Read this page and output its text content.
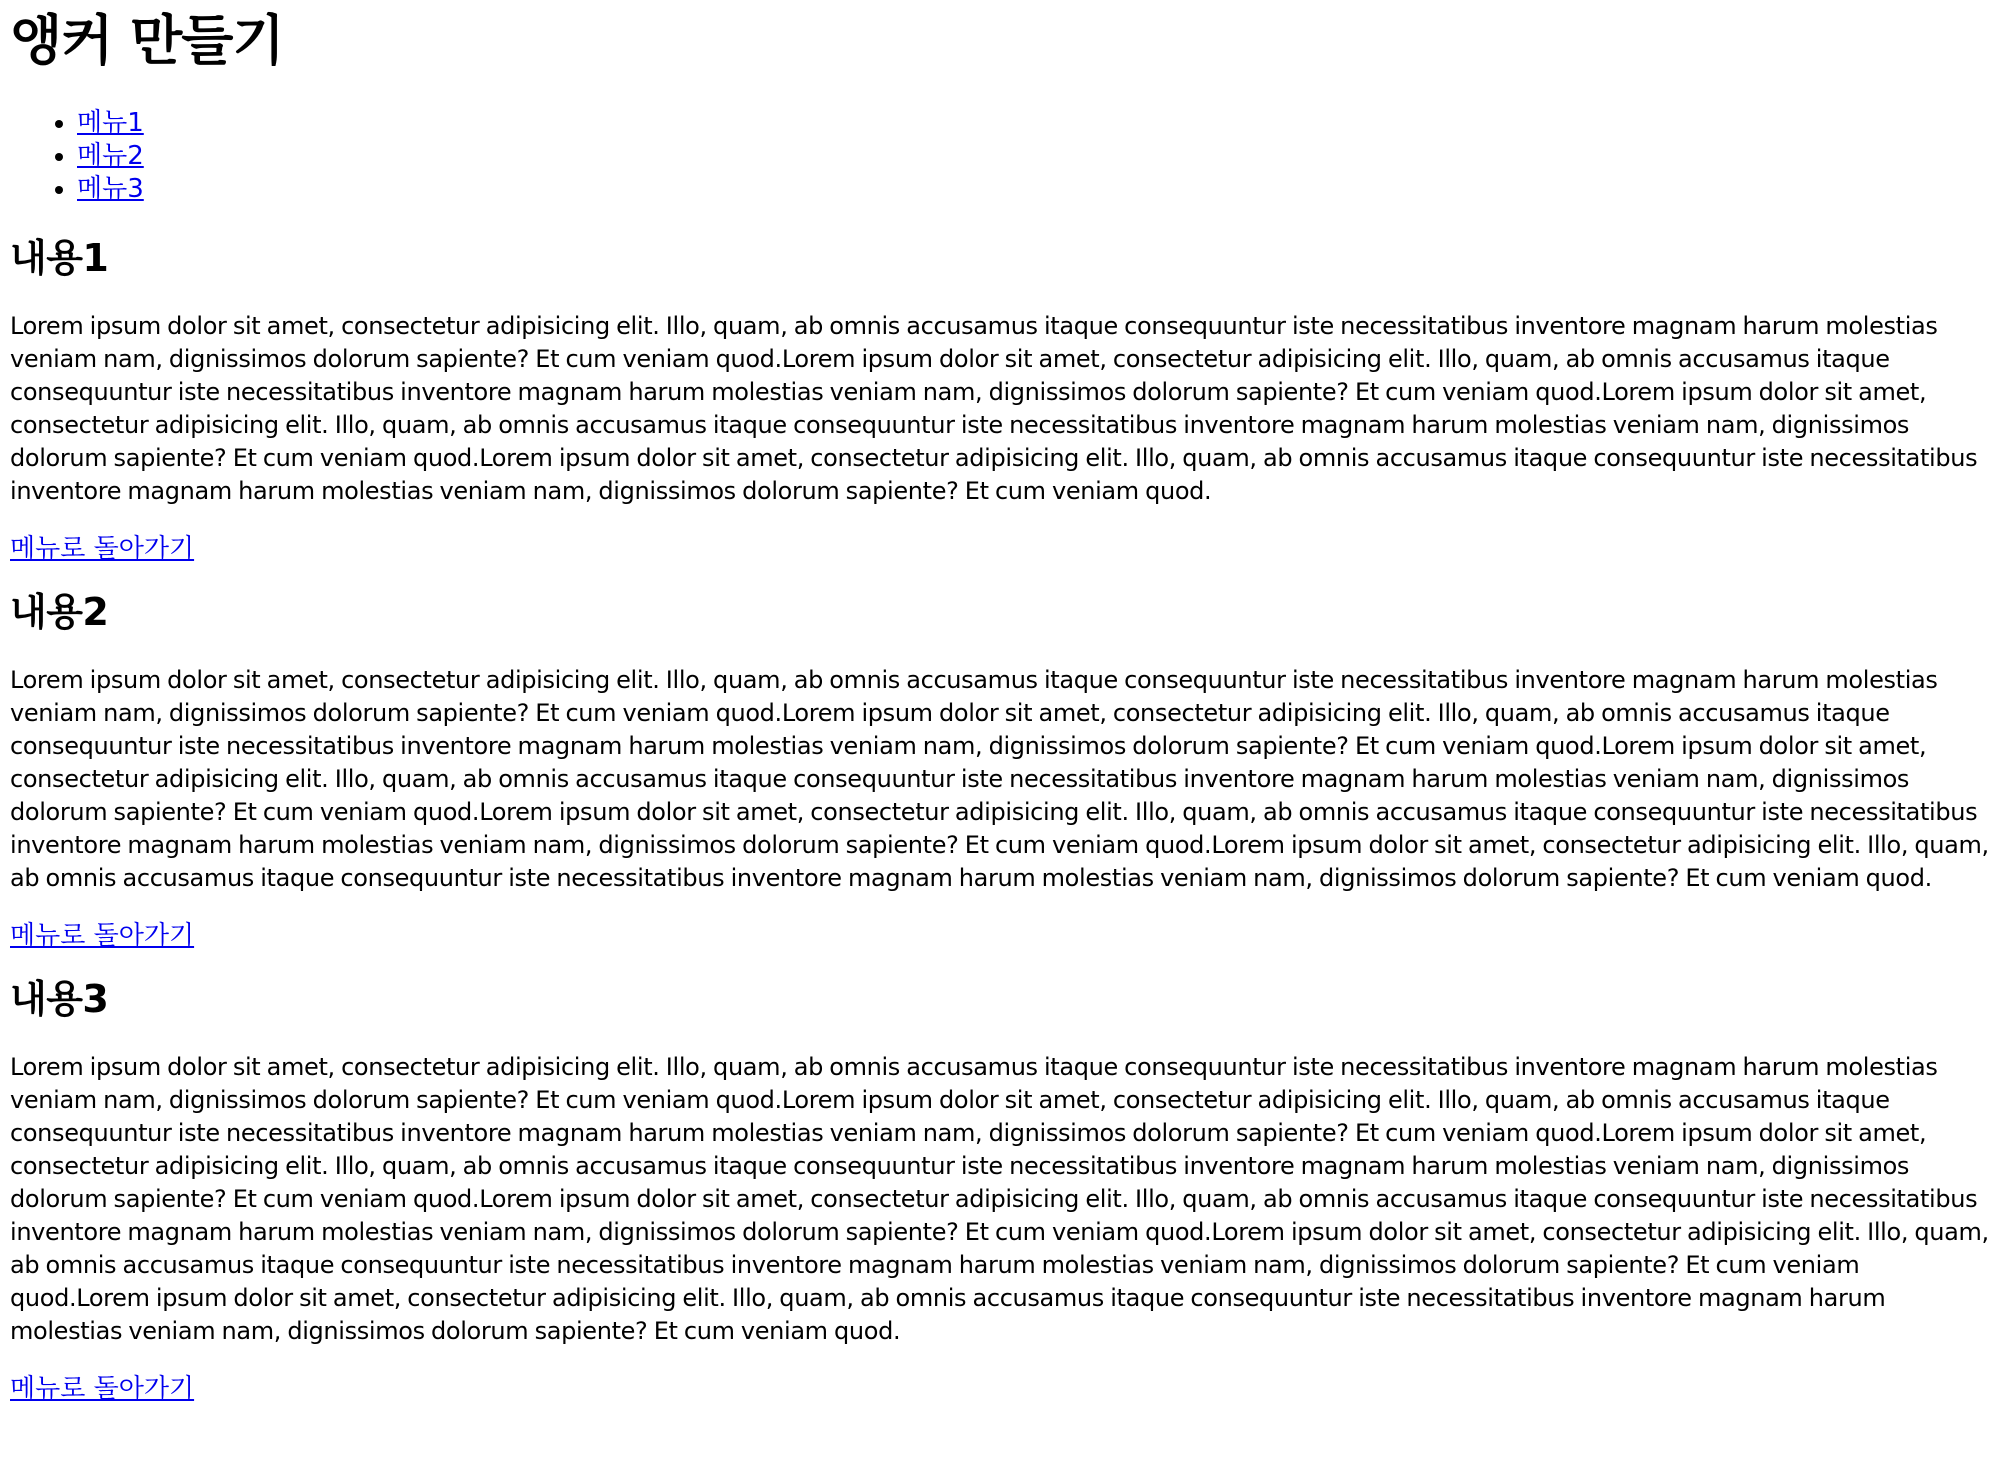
앵커 만들기
• 메뉴1
• 메뉴2
• 메뉴3
내용1

Lorem ipsum dolor sit amet, consectetur adipisicing elit. Illo, quam, ab omnis accusamus itaque consequuntur iste necessitatibus inventore magnam harum molestias veniam nam, dignissimos dolorum sapiente? Et cum veniam quod.Lorem ipsum dolor sit amet, consectetur adipisicing elit. Illo, quam, ab omnis accusamus itaque consequuntur iste necessitatibus inventore magnam harum molestias veniam nam, dignissimos dolorum sapiente? Et cum veniam quod.Lorem ipsum dolor sit amet, consectetur adipisicing elit. Illo, quam, ab omnis accusamus itaque consequuntur iste necessitatibus inventore magnam harum molestias veniam nam, dignissimos dolorum sapiente? Et cum veniam quod.Lorem ipsum dolor sit amet, consectetur adipisicing elit. Illo, quam, ab omnis accusamus itaque consequuntur iste necessitatibus inventore magnam harum molestias veniam nam, dignissimos dolorum sapiente? Et cum veniam quod.

메뉴로 돌아가기
내용2

Lorem ipsum dolor sit amet, consectetur adipisicing elit. Illo, quam, ab omnis accusamus itaque consequuntur iste necessitatibus inventore magnam harum molestias veniam nam, dignissimos dolorum sapiente? Et cum veniam quod.Lorem ipsum dolor sit amet, consectetur adipisicing elit. Illo, quam, ab omnis accusamus itaque consequuntur iste necessitatibus inventore magnam harum molestias veniam nam, dignissimos dolorum sapiente? Et cum veniam quod.Lorem ipsum dolor sit amet, consectetur adipisicing elit. Illo, quam, ab omnis accusamus itaque consequuntur iste necessitatibus inventore magnam harum molestias veniam nam, dignissimos dolorum sapiente? Et cum veniam quod.Lorem ipsum dolor sit amet, consectetur adipisicing elit. Illo, quam, ab omnis accusamus itaque consequuntur iste necessitatibus inventore magnam harum molestias veniam nam, dignissimos dolorum sapiente? Et cum veniam quod.Lorem ipsum dolor sit amet, consectetur adipisicing elit. Illo, quam, ab omnis accusamus itaque consequuntur iste necessitatibus inventore magnam harum molestias veniam nam, dignissimos dolorum sapiente? Et cum veniam quod.

메뉴로 돌아가기
내용3

Lorem ipsum dolor sit amet, consectetur adipisicing elit. Illo, quam, ab omnis accusamus itaque consequuntur iste necessitatibus inventore magnam harum molestias veniam nam, dignissimos dolorum sapiente? Et cum veniam quod.Lorem ipsum dolor sit amet, consectetur adipisicing elit. Illo, quam, ab omnis accusamus itaque consequuntur iste necessitatibus inventore magnam harum molestias veniam nam, dignissimos dolorum sapiente? Et cum veniam quod.Lorem ipsum dolor sit amet, consectetur adipisicing elit. Illo, quam, ab omnis accusamus itaque consequuntur iste necessitatibus inventore magnam harum molestias veniam nam, dignissimos dolorum sapiente? Et cum veniam quod.Lorem ipsum dolor sit amet, consectetur adipisicing elit. Illo, quam, ab omnis accusamus itaque consequuntur iste necessitatibus inventore magnam harum molestias veniam nam, dignissimos dolorum sapiente? Et cum veniam quod.Lorem ipsum dolor sit amet, consectetur adipisicing elit. Illo, quam, ab omnis accusamus itaque consequuntur iste necessitatibus inventore magnam harum molestias veniam nam, dignissimos dolorum sapiente? Et cum veniam quod.Lorem ipsum dolor sit amet, consectetur adipisicing elit. Illo, quam, ab omnis accusamus itaque consequuntur iste necessitatibus inventore magnam harum molestias veniam nam, dignissimos dolorum sapiente? Et cum veniam quod.

메뉴로 돌아가기
